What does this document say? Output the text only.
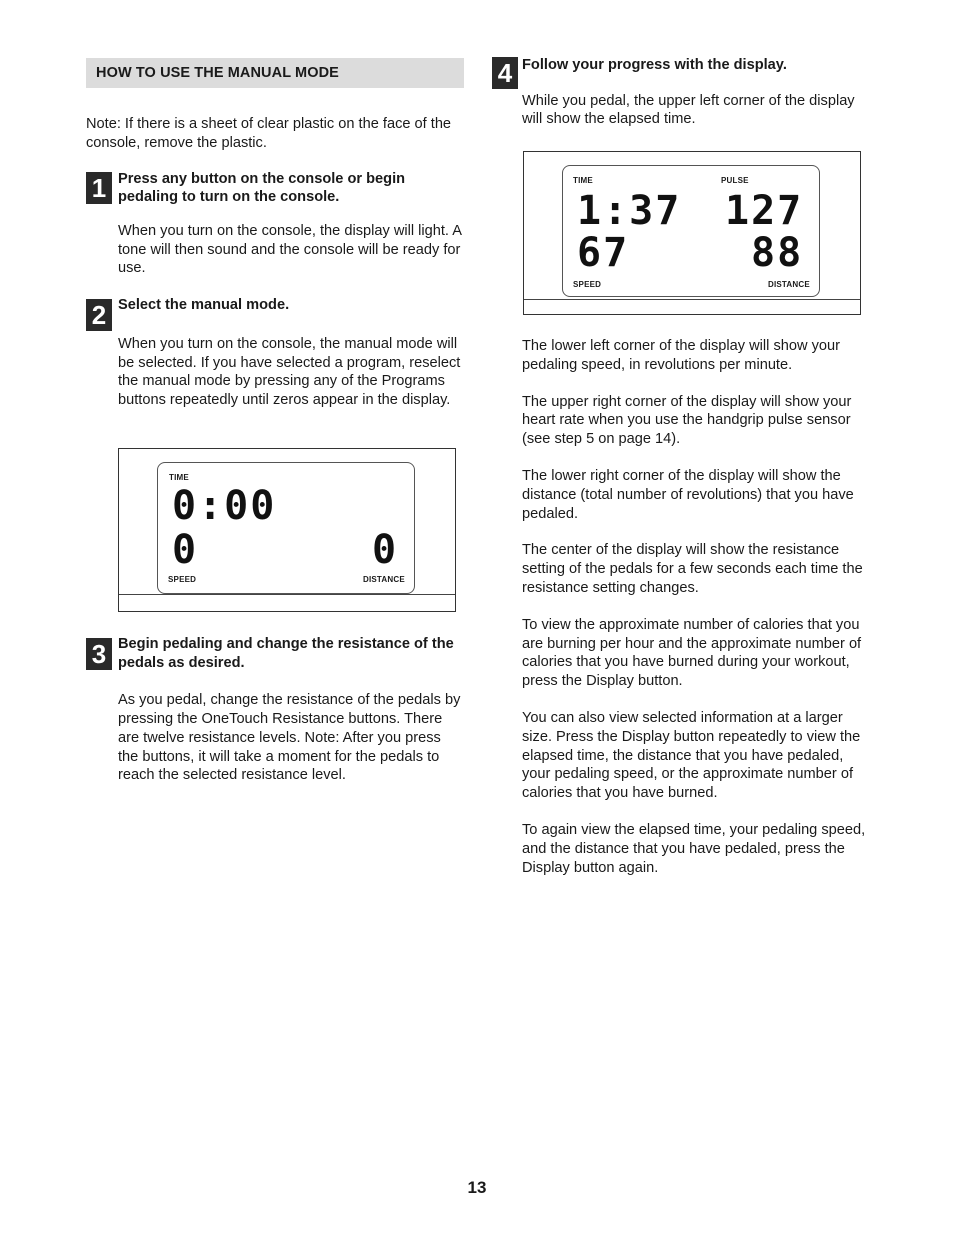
HOW TO USE THE MANUAL MODE

Note: If there is a sheet of clear plastic on the face of the console, remove the plastic.

1 Press any button on the console or begin pedaling to turn on the console.

When you turn on the console, the display will light. A tone will then sound and the console will be ready for use.

2 Select the manual mode.

When you turn on the console, the manual mode will be selected. If you have selected a program, reselect the manual mode by pressing any of the Programs buttons repeatedly until zeros appear in the display.

TIME
0:00
0	0
SPEED	DISTANCE
3 Begin pedaling and change the resistance of the pedals as desired.

As you pedal, change the resistance of the pedals by pressing the OneTouch Resistance buttons. There are twelve resistance levels. Note: After you press the buttons, it will take a moment for the pedals to reach the selected resistance level.

4 Follow your progress with the display.

While you pedal, the upper left corner of the display will show the elapsed time.

TIME	PULSE
1:37 127
67	88
SPEED	DISTANCE

The lower left corner of the display will show your pedaling speed, in revolutions per minute.

The upper right corner of the display will show your heart rate when you use the handgrip pulse sensor (see step 5 on page 14).

The lower right corner of the display will show the distance (total number of revolutions) that you have pedaled.

The center of the display will show the resistance setting of the pedals for a few seconds each time the resistance setting changes.

To view the approximate number of calories that you are burning per hour and the approximate number of calories that you have burned during your workout, press the Display button.

You can also view selected information at a larger size. Press the Display button repeatedly to view the elapsed time, the distance that you have pedaled, your pedaling speed, or the approximate number of calories that you have burned.

To again view the elapsed time, your pedaling speed, and the distance that you have pedaled, press the Display button again.

13
